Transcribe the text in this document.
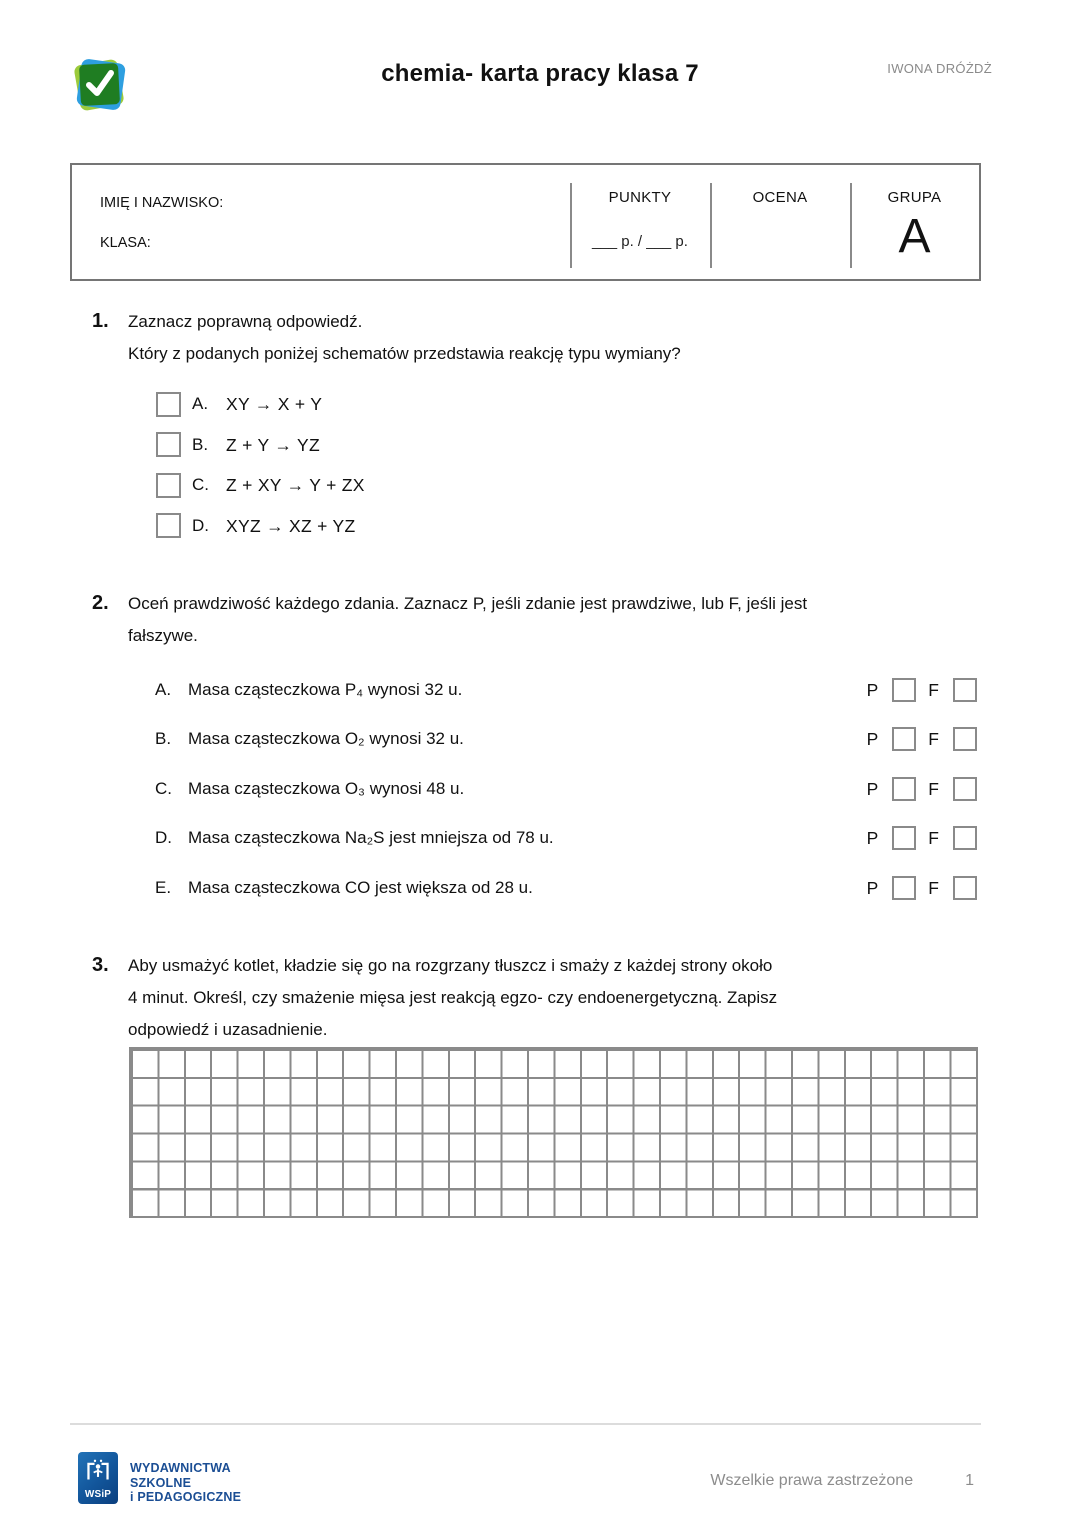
chemia- karta pracy klasa 7	IWONA DRÓŻDŻ
IMIĘ I NAZWISKO:
KLASA:
PUNKTY
___ p. / ___ p.
OCENA	GRUPA
A
1.	Zaznacz poprawną odpowiedź.
Który z podanych poniżej schematów przedstawia reakcję typu wymiany?
A.	XY → X + Y
B.	Z + Y → YZ
C. Z + XY → Y + ZX
D. XYZ → XZ + YZ
2.	Oceń prawdziwość każdego zdania. Zaznacz P, jeśli zdanie jest prawdziwe, lub F, jeśli jest
fałszywe.
A. Masa cząsteczkowa P₄ wynosi 32 u.	P	F
B. Masa cząsteczkowa O₂ wynosi 32 u.	P	F
C. Masa cząsteczkowa O₃ wynosi 48 u.	P	F
D. Masa cząsteczkowa Na₂S jest mniejsza od 78 u.	P	F
E. Masa cząsteczkowa CO jest większa od 28 u.	P	F
3.	Aby usmażyć kotlet, kładzie się go na rozgrzany tłuszcz i smaży z każdej strony około
4 minut. Określ, czy smażenie mięsa jest reakcją egzo- czy endoenergetyczną. Zapisz
odpowiedź i uzasadnienie.
WSiP
WYDAWNICTWA
SZKOLNE
i PEDAGOGICZNE
Wszelkie prawa zastrzeżone	1
